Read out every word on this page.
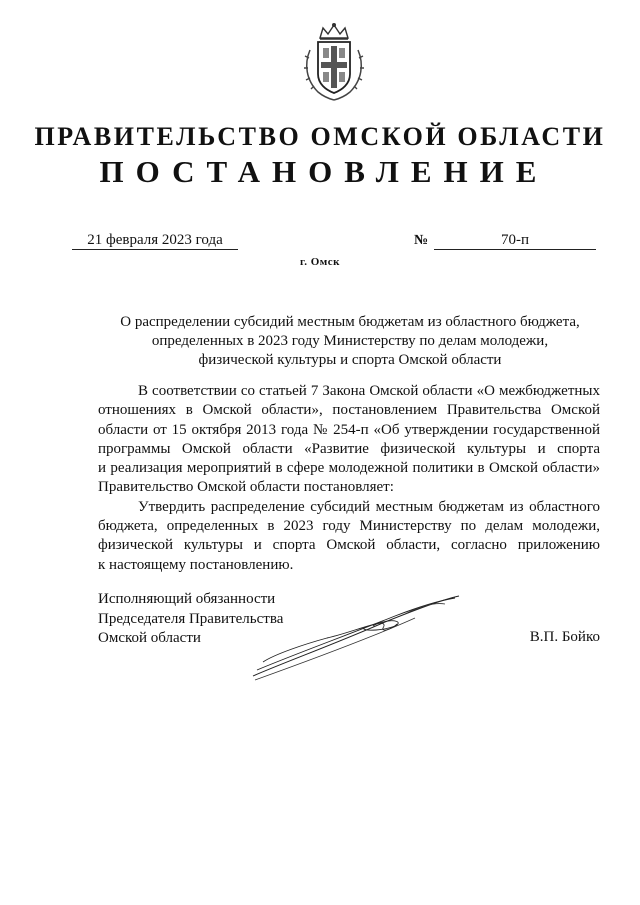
ПРАВИТЕЛЬСТВО ОМСКОЙ ОБЛАСТИ
ПОСТАНОВЛЕНИЕ
21 февраля 2023 года	№	70-п
г. Омск
О распределении субсидий местным бюджетам из областного бюджета,
определенных в 2023 году Министерству по делам молодежи,
физической культуры и спорта Омской области
В соответствии со статьей 7 Закона Омской области «О межбюджетных
отношениях в Омской области», постановлением Правительства Омской
области от 15 октября 2013 года № 254-п «Об утверждении государственной
программы Омской области «Развитие физической культуры и спорта
и реализация мероприятий в сфере молодежной политики в Омской области»
Правительство Омской области постановляет:
Утвердить распределение субсидий местным бюджетам из областного
бюджета, определенных в 2023 году Министерству по делам молодежи,
физической культуры и спорта Омской области, согласно приложению
к настоящему постановлению.
Исполняющий обязанности
Председателя Правительства
Омской области	В.П. Бойко
